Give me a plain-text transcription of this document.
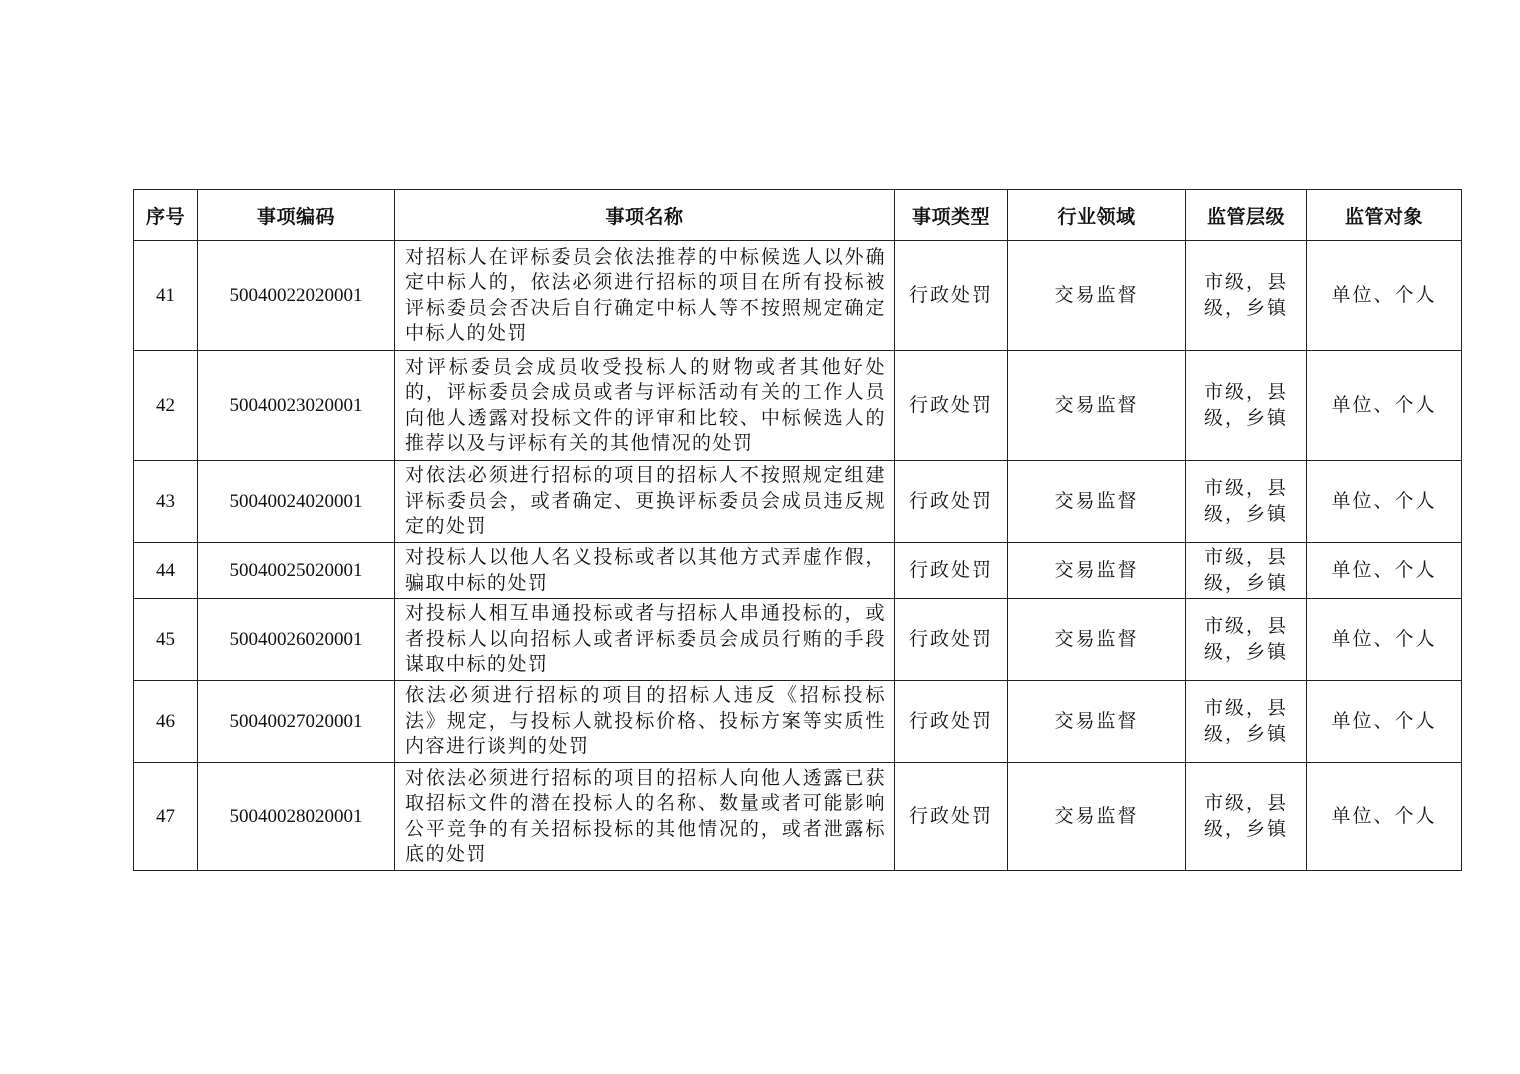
序号	事项编码	事项名称	事项类型	行业领域	监管层级	监管对象
41	50040022020001	对招标人在评标委员会依法推荐的中标候选人以外确定中标人的，依法必须进行招标的项目在所有投标被评标委员会否决后自行确定中标人等不按照规定确定中标人的处罚	行政处罚	交易监督	市级，县级，乡镇	单位、个人
42	50040023020001	对评标委员会成员收受投标人的财物或者其他好处的，评标委员会成员或者与评标活动有关的工作人员向他人透露对投标文件的评审和比较、中标候选人的推荐以及与评标有关的其他情况的处罚	行政处罚	交易监督	市级，县级，乡镇	单位、个人
43	50040024020001	对依法必须进行招标的项目的招标人不按照规定组建评标委员会，或者确定、更换评标委员会成员违反规定的处罚	行政处罚	交易监督	市级，县级，乡镇	单位、个人
44	50040025020001	对投标人以他人名义投标或者以其他方式弄虚作假，骗取中标的处罚	行政处罚	交易监督	市级，县级，乡镇	单位、个人
45	50040026020001	对投标人相互串通投标或者与招标人串通投标的，或者投标人以向招标人或者评标委员会成员行贿的手段谋取中标的处罚	行政处罚	交易监督	市级，县级，乡镇	单位、个人
46	50040027020001	依法必须进行招标的项目的招标人违反《招标投标法》规定，与投标人就投标价格、投标方案等实质性内容进行谈判的处罚	行政处罚	交易监督	市级，县级，乡镇	单位、个人
47	50040028020001	对依法必须进行招标的项目的招标人向他人透露已获取招标文件的潜在投标人的名称、数量或者可能影响公平竞争的有关招标投标的其他情况的，或者泄露标底的处罚	行政处罚	交易监督	市级，县级，乡镇	单位、个人
